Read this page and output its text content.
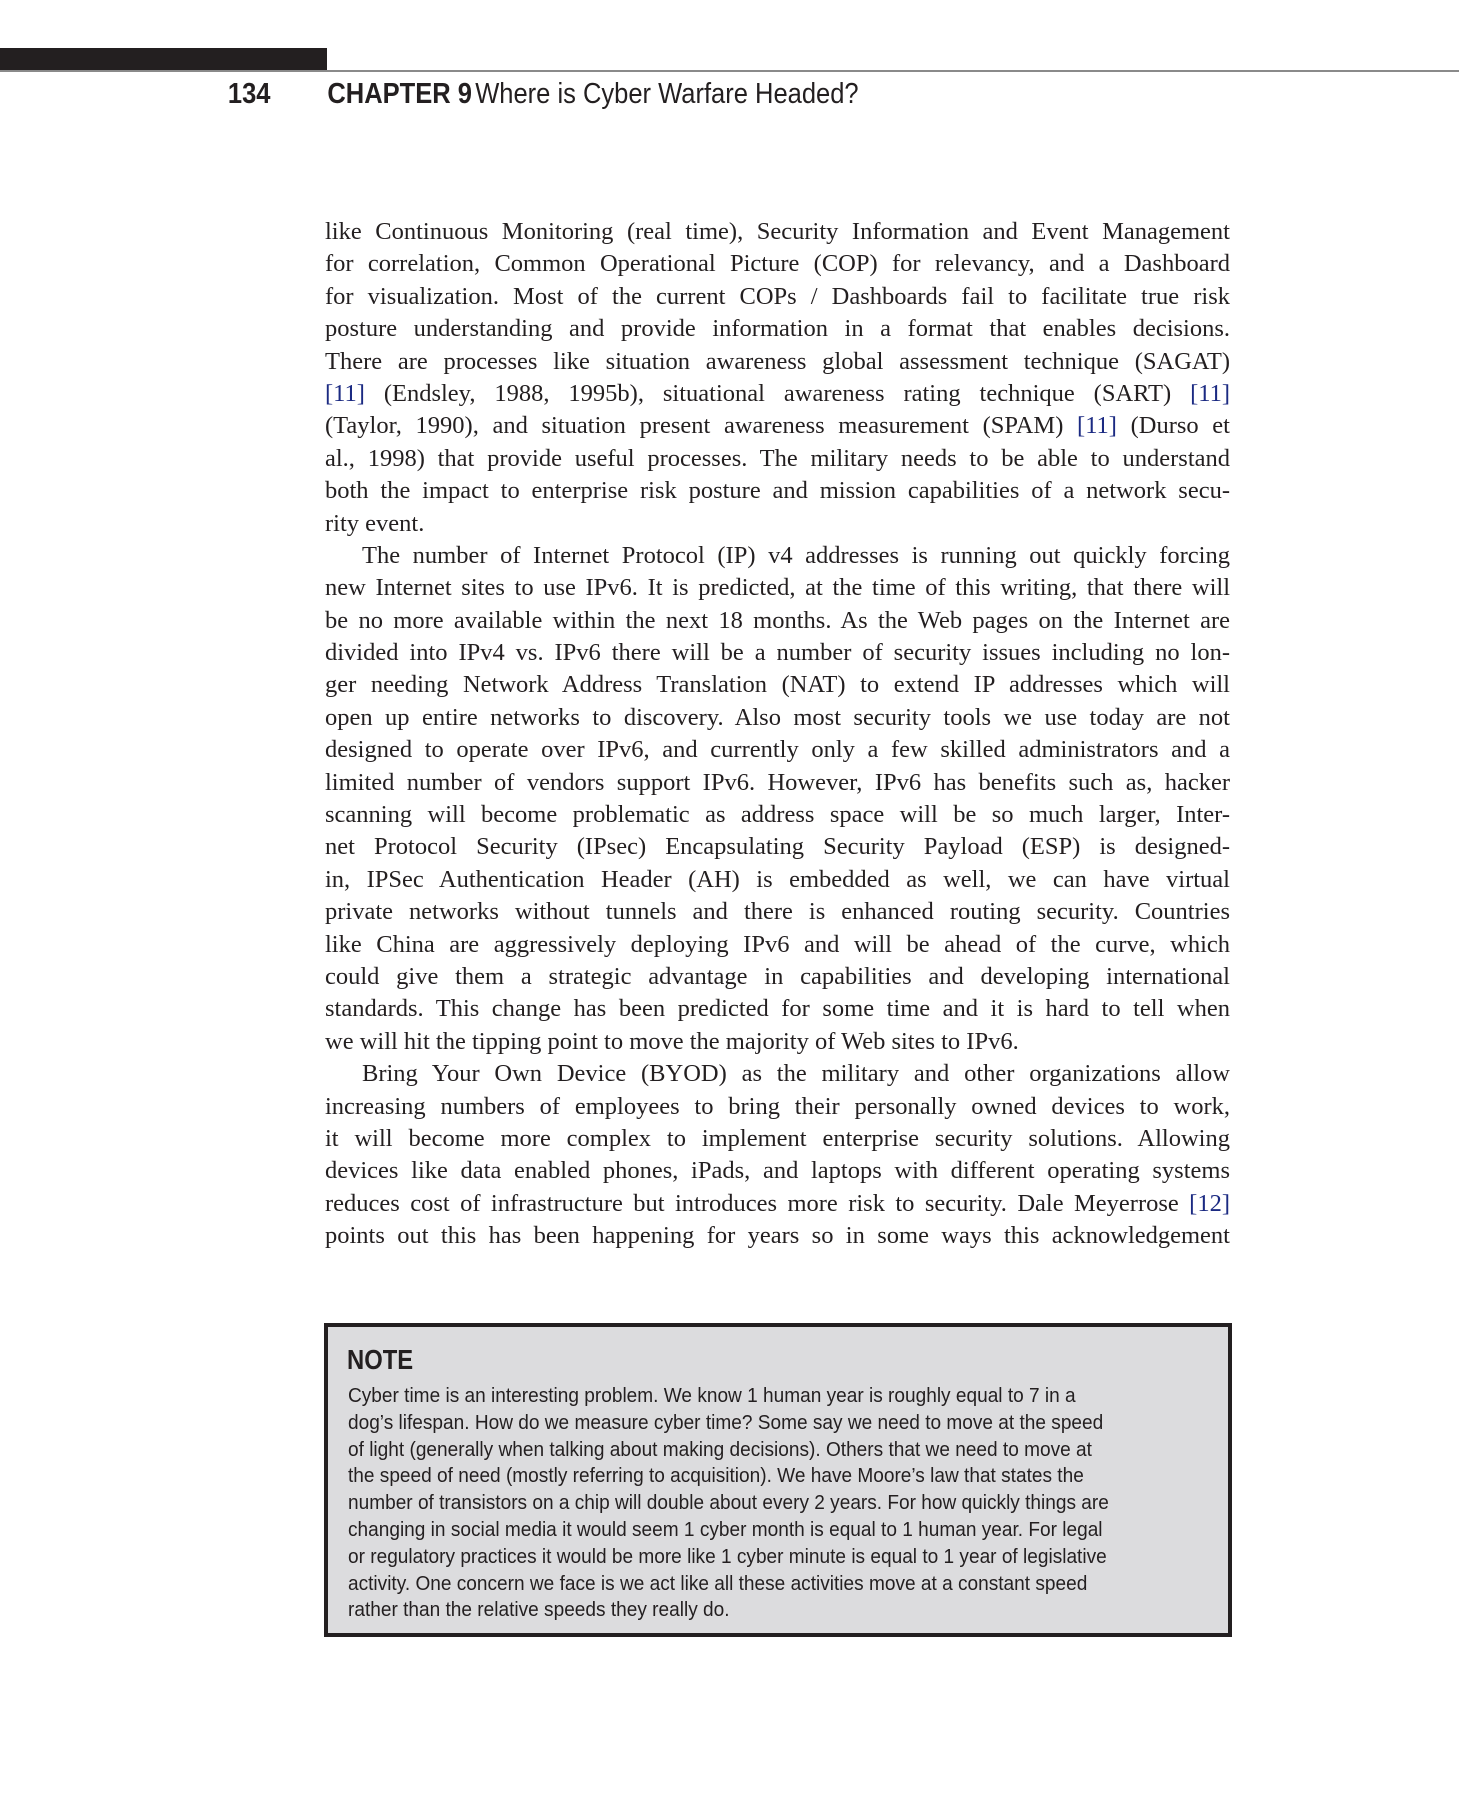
134 CHAPTER 9 Where is Cyber Warfare Headed?
like Continuous Monitoring (real time), Security Information and Event Management
for correlation, Common Operational Picture (COP) for relevancy, and a Dashboard
for visualization. Most of the current COPs / Dashboards fail to facilitate true risk
posture understanding and provide information in a format that enables decisions.
There are processes like situation awareness global assessment technique (SAGAT)
[11] (Endsley, 1988, 1995b), situational awareness rating technique (SART) [11]
(Taylor, 1990), and situation present awareness measurement (SPAM) [11] (Durso et
al., 1998) that provide useful processes. The military needs to be able to understand
both the impact to enterprise risk posture and mission capabilities of a network secu-
rity event.
The number of Internet Protocol (IP) v4 addresses is running out quickly forcing
new Internet sites to use IPv6. It is predicted, at the time of this writing, that there will
be no more available within the next 18 months. As the Web pages on the Internet are
divided into IPv4 vs. IPv6 there will be a number of security issues including no lon-
ger needing Network Address Translation (NAT) to extend IP addresses which will
open up entire networks to discovery. Also most security tools we use today are not
designed to operate over IPv6, and currently only a few skilled administrators and a
limited number of vendors support IPv6. However, IPv6 has benefits such as, hacker
scanning will become problematic as address space will be so much larger, Inter-
net Protocol Security (IPsec) Encapsulating Security Payload (ESP) is designed-
in, IPSec Authentication Header (AH) is embedded as well, we can have virtual
private networks without tunnels and there is enhanced routing security. Countries
like China are aggressively deploying IPv6 and will be ahead of the curve, which
could give them a strategic advantage in capabilities and developing international
standards. This change has been predicted for some time and it is hard to tell when
we will hit the tipping point to move the majority of Web sites to IPv6.
Bring Your Own Device (BYOD) as the military and other organizations allow
increasing numbers of employees to bring their personally owned devices to work,
it will become more complex to implement enterprise security solutions. Allowing
devices like data enabled phones, iPads, and laptops with different operating systems
reduces cost of infrastructure but introduces more risk to security. Dale Meyerrose [12]
points out this has been happening for years so in some ways this acknowledgement
NOTE
Cyber time is an interesting problem. We know 1 human year is roughly equal to 7 in a
dog’s lifespan. How do we measure cyber time? Some say we need to move at the speed
of light (generally when talking about making decisions). Others that we need to move at
the speed of need (mostly referring to acquisition). We have Moore’s law that states the
number of transistors on a chip will double about every 2 years. For how quickly things are
changing in social media it would seem 1 cyber month is equal to 1 human year. For legal
or regulatory practices it would be more like 1 cyber minute is equal to 1 year of legislative
activity. One concern we face is we act like all these activities move at a constant speed
rather than the relative speeds they really do.
